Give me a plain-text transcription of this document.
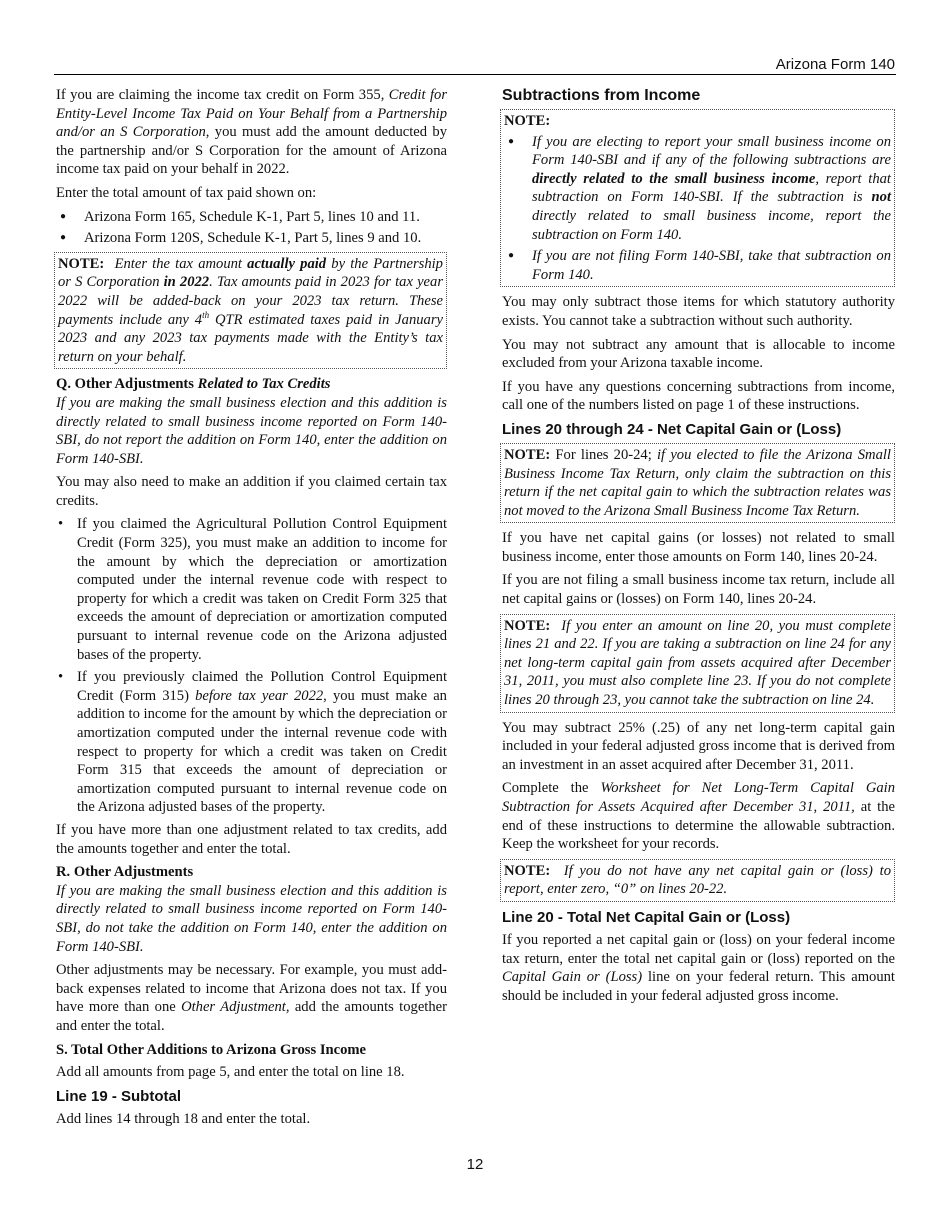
Arizona Form 140

If you are claiming the income tax credit on Form 355, Credit for Entity-Level Income Tax Paid on Your Behalf from a Partnership and/or an S Corporation, you must add the amount deducted by the partnership and/or S Corporation for the amount of Arizona income tax paid on your behalf in 2022.

Enter the total amount of tax paid shown on:

● Arizona Form 165, Schedule K-1, Part 5, lines 10 and 11.
● Arizona Form 120S, Schedule K-1, Part 5, lines 9 and 10.
NOTE: Enter the tax amount actually paid by the Partnership or S Corporation in 2022. Tax amounts paid in 2023 for tax year 2022 will be added-back on your 2023 tax return. These payments include any 4th QTR estimated taxes paid in January 2023 and any 2023 tax payments made with the Entity’s tax return on your behalf.

Q. Other Adjustments Related to Tax Credits

If you are making the small business election and this addition is directly related to small business income reported on Form 140-SBI, do not report the addition on Form 140, enter the addition on Form 140-SBI.

You may also need to make an addition if you claimed certain tax credits.

• If you claimed the Agricultural Pollution Control Equipment Credit (Form 325), you must make an addition to income for the amount by which the depreciation or amortization computed under the internal revenue code with respect to property for which a credit was taken on Credit Form 325 that exceeds the amount of depreciation or amortization computed pursuant to internal revenue code on the Arizona adjusted bases of the property.
• If you previously claimed the Pollution Control Equipment Credit (Form 315) before tax year 2022, you must make an addition to income for the amount by which the depreciation or amortization computed under the internal revenue code with respect to property for which a credit was taken on Credit Form 315 that exceeds the amount of depreciation or amortization computed pursuant to internal revenue code on the Arizona adjusted bases of the property.

If you have more than one adjustment related to tax credits, add the amounts together and enter the total.

R. Other Adjustments

If you are making the small business election and this addition is directly related to small business income reported on Form 140-SBI, do not take the addition on Form 140, enter the addition on Form 140-SBI.

Other adjustments may be necessary. For example, you must add-back expenses related to income that Arizona does not tax. If you have more than one Other Adjustment, add the amounts together and enter the total.

S. Total Other Additions to Arizona Gross Income

Add all amounts from page 5, and enter the total on line 18.

Line 19 - Subtotal

Add lines 14 through 18 and enter the total.

Subtractions from Income

NOTE:
● If you are electing to report your small business income on Form 140-SBI and if any of the following subtractions are directly related to the small business income, report that subtraction on Form 140-SBI. If the subtraction is not directly related to small business income, report the subtraction on Form 140.
● If you are not filing Form 140-SBI, take that subtraction on Form 140.

You may only subtract those items for which statutory authority exists. You cannot take a subtraction without such authority.

You may not subtract any amount that is allocable to income excluded from your Arizona taxable income.

If you have any questions concerning subtractions from income, call one of the numbers listed on page 1 of these instructions.

Lines 20 through 24 - Net Capital Gain or (Loss)

NOTE: For lines 20-24; if you elected to file the Arizona Small Business Income Tax Return, only claim the subtraction on this return if the net capital gain to which the subtraction relates was not moved to the Arizona Small Business Income Tax Return.

If you have net capital gains (or losses) not related to small business income, enter those amounts on Form 140, lines 20-24.

If you are not filing a small business income tax return, include all net capital gains or (losses) on Form 140, lines 20-24.

NOTE: If you enter an amount on line 20, you must complete lines 21 and 22. If you are taking a subtraction on line 24 for any net long-term capital gain from assets acquired after December 31, 2011, you must also complete line 23. If you do not complete lines 20 through 23, you cannot take the subtraction on line 24.

You may subtract 25% (.25) of any net long-term capital gain included in your federal adjusted gross income that is derived from an investment in an asset acquired after December 31, 2011.

Complete the Worksheet for Net Long-Term Capital Gain Subtraction for Assets Acquired after December 31, 2011, at the end of these instructions to determine the allowable subtraction. Keep the worksheet for your records.

NOTE: If you do not have any net capital gain or (loss) to report, enter zero, “0” on lines 20-22.

Line 20 - Total Net Capital Gain or (Loss)

If you reported a net capital gain or (loss) on your federal income tax return, enter the total net capital gain or (loss) reported on the Capital Gain or (Loss) line on your federal return. This amount should be included in your federal adjusted gross income.

12
